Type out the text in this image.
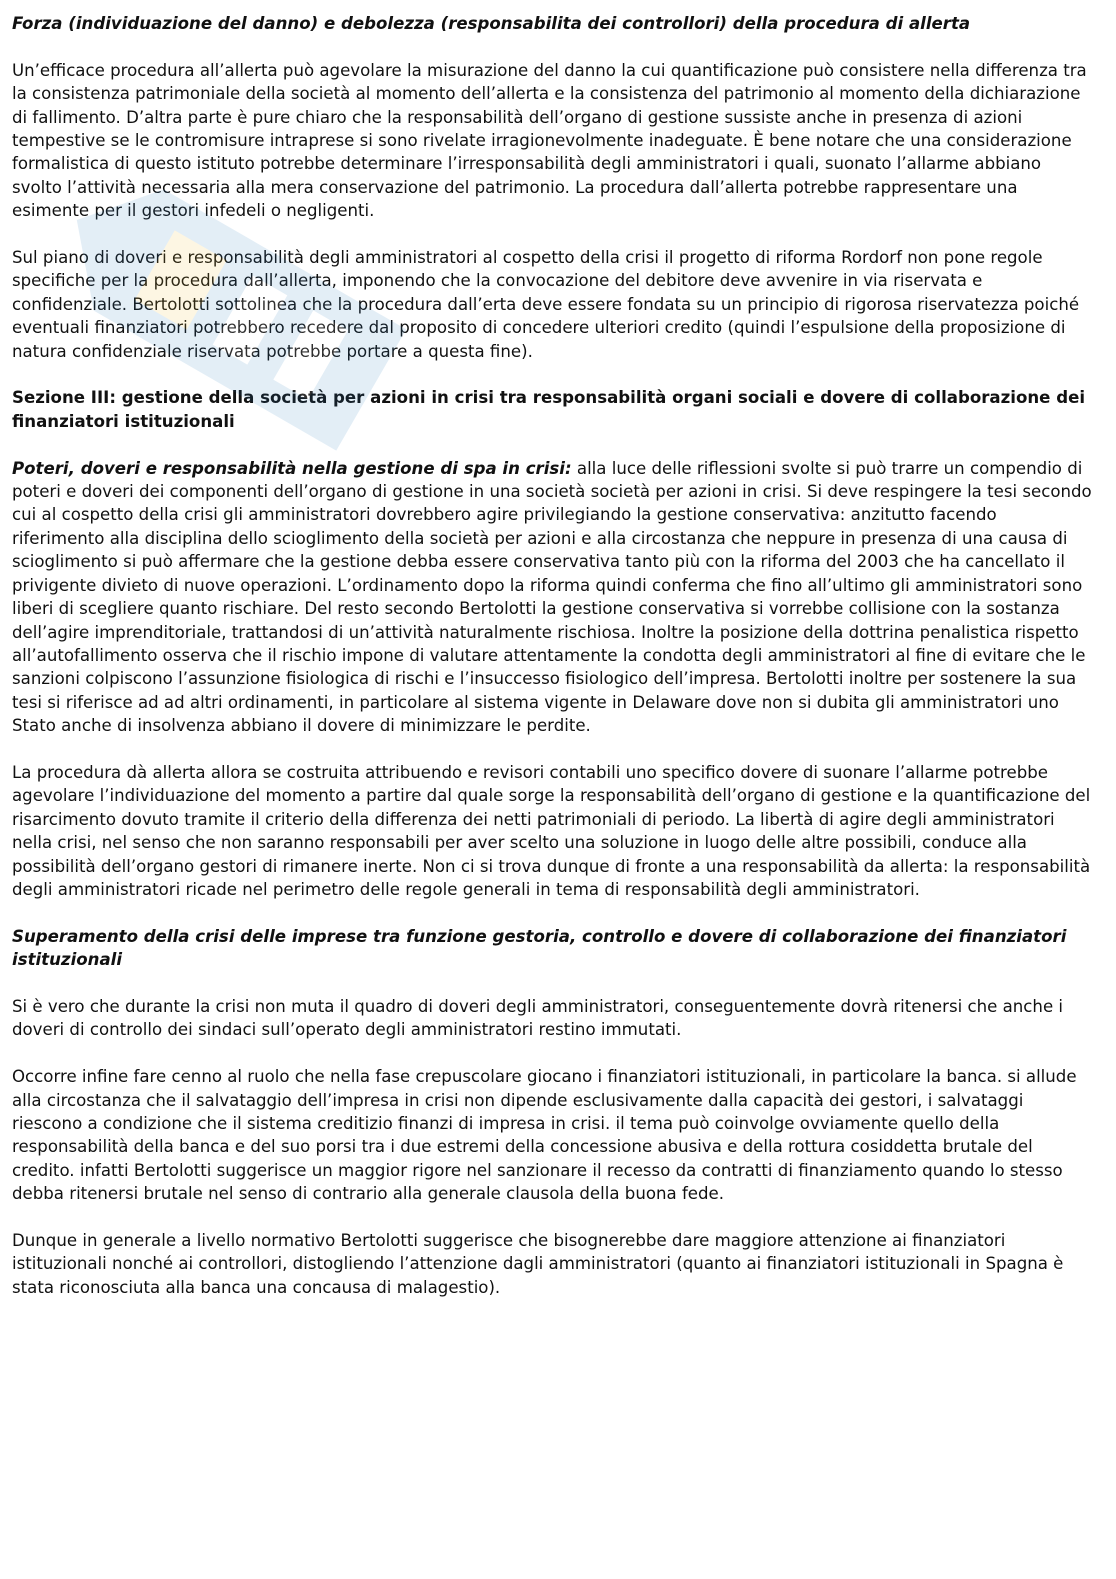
Forza (individuazione del danno) e debolezza (responsabilita dei controllori) della procedura di allerta

Un’efficace procedura all’allerta può agevolare la misurazione del danno la cui quantificazione può consistere nella differenza tra la consistenza patrimoniale della società al momento dell’allerta e la consistenza del patrimonio al momento della dichiarazione di fallimento. D’altra parte è pure chiaro che la responsabilità dell’organo di gestione sussiste anche in presenza di azioni tempestive se le contromisure intraprese si sono rivelate irragionevolmente inadeguate. È bene notare che una considerazione formalistica di questo istituto potrebbe determinare l’irresponsabilità degli amministratori i quali, suonato l’allarme abbiano svolto l’attività necessaria alla mera conservazione del patrimonio. La procedura dall’allerta potrebbe rappresentare una esimente per il gestori infedeli o negligenti.

Sul piano di doveri e responsabilità degli amministratori al cospetto della crisi il progetto di riforma Rordorf non pone regole specifiche per la procedura dall’allerta, imponendo che la convocazione del debitore deve avvenire in via riservata e confidenziale. Bertolotti sottolinea che la procedura dall’erta deve essere fondata su un principio di rigorosa riservatezza poiché eventuali finanziatori potrebbero recedere dal proposito di concedere ulteriori credito (quindi l’espulsione della proposizione di natura confidenziale riservata potrebbe portare a questa fine).

Sezione III: gestione della società per azioni in crisi tra responsabilità organi sociali e dovere di collaborazione dei finanziatori istituzionali

Poteri, doveri e responsabilità nella gestione di spa in crisi: alla luce delle riflessioni svolte si può trarre un compendio di poteri e doveri dei componenti dell’organo di gestione in una società società per azioni in crisi. Si deve respingere la tesi secondo cui al cospetto della crisi gli amministratori dovrebbero agire privilegiando la gestione conservativa: anzitutto facendo riferimento alla disciplina dello scioglimento della società per azioni e alla circostanza che neppure in presenza di una causa di scioglimento si può affermare che la gestione debba essere conservativa tanto più con la riforma del 2003 che ha cancellato il privigente divieto di nuove operazioni. L’ordinamento dopo la riforma quindi conferma che fino all’ultimo gli amministratori sono liberi di scegliere quanto rischiare. Del resto secondo Bertolotti la gestione conservativa si vorrebbe collisione con la sostanza dell’agire imprenditoriale, trattandosi di un’attività naturalmente rischiosa. Inoltre la posizione della dottrina penalistica rispetto all’autofallimento osserva che il rischio impone di valutare attentamente la condotta degli amministratori al fine di evitare che le sanzioni colpiscono l’assunzione fisiologica di rischi e l’insuccesso fisiologico dell’impresa. Bertolotti inoltre per sostenere la sua tesi si riferisce ad ad altri ordinamenti, in particolare al sistema vigente in Delaware dove non si dubita gli amministratori uno Stato anche di insolvenza abbiano il dovere di minimizzare le perdite.

La procedura dà allerta allora se costruita attribuendo e revisori contabili uno specifico dovere di suonare l’allarme potrebbe agevolare l’individuazione del momento a partire dal quale sorge la responsabilità dell’organo di gestione e la quantificazione del risarcimento dovuto tramite il criterio della differenza dei netti patrimoniali di periodo. La libertà di agire degli amministratori nella crisi, nel senso che non saranno responsabili per aver scelto una soluzione in luogo delle altre possibili, conduce alla possibilità dell’organo gestori di rimanere inerte. Non ci si trova dunque di fronte a una responsabilità da allerta: la responsabilità degli amministratori ricade nel perimetro delle regole generali in tema di responsabilità degli amministratori.

Superamento della crisi delle imprese tra funzione gestoria, controllo e dovere di collaborazione dei finanziatori istituzionali

Si è vero che durante la crisi non muta il quadro di doveri degli amministratori, conseguentemente dovrà ritenersi che anche i doveri di controllo dei sindaci sull’operato degli amministratori restino immutati.

Occorre infine fare cenno al ruolo che nella fase crepuscolare giocano i finanziatori istituzionali, in particolare la banca. si allude alla circostanza che il salvataggio dell’impresa in crisi non dipende esclusivamente dalla capacità dei gestori, i salvataggi riescono a condizione che il sistema creditizio finanzi di impresa in crisi. il tema può coinvolge ovviamente quello della responsabilità della banca e del suo porsi tra i due estremi della concessione abusiva e della rottura cosiddetta brutale del credito. infatti Bertolotti suggerisce un maggior rigore nel sanzionare il recesso da contratti di finanziamento quando lo stesso debba ritenersi brutale nel senso di contrario alla generale clausola della buona fede.

Dunque in generale a livello normativo Bertolotti suggerisce che bisognerebbe dare maggiore attenzione ai finanziatori istituzionali nonché ai controllori, distogliendo l’attenzione dagli amministratori (quanto ai finanziatori istituzionali in Spagna è stata riconosciuta alla banca una concausa di malagestio).
